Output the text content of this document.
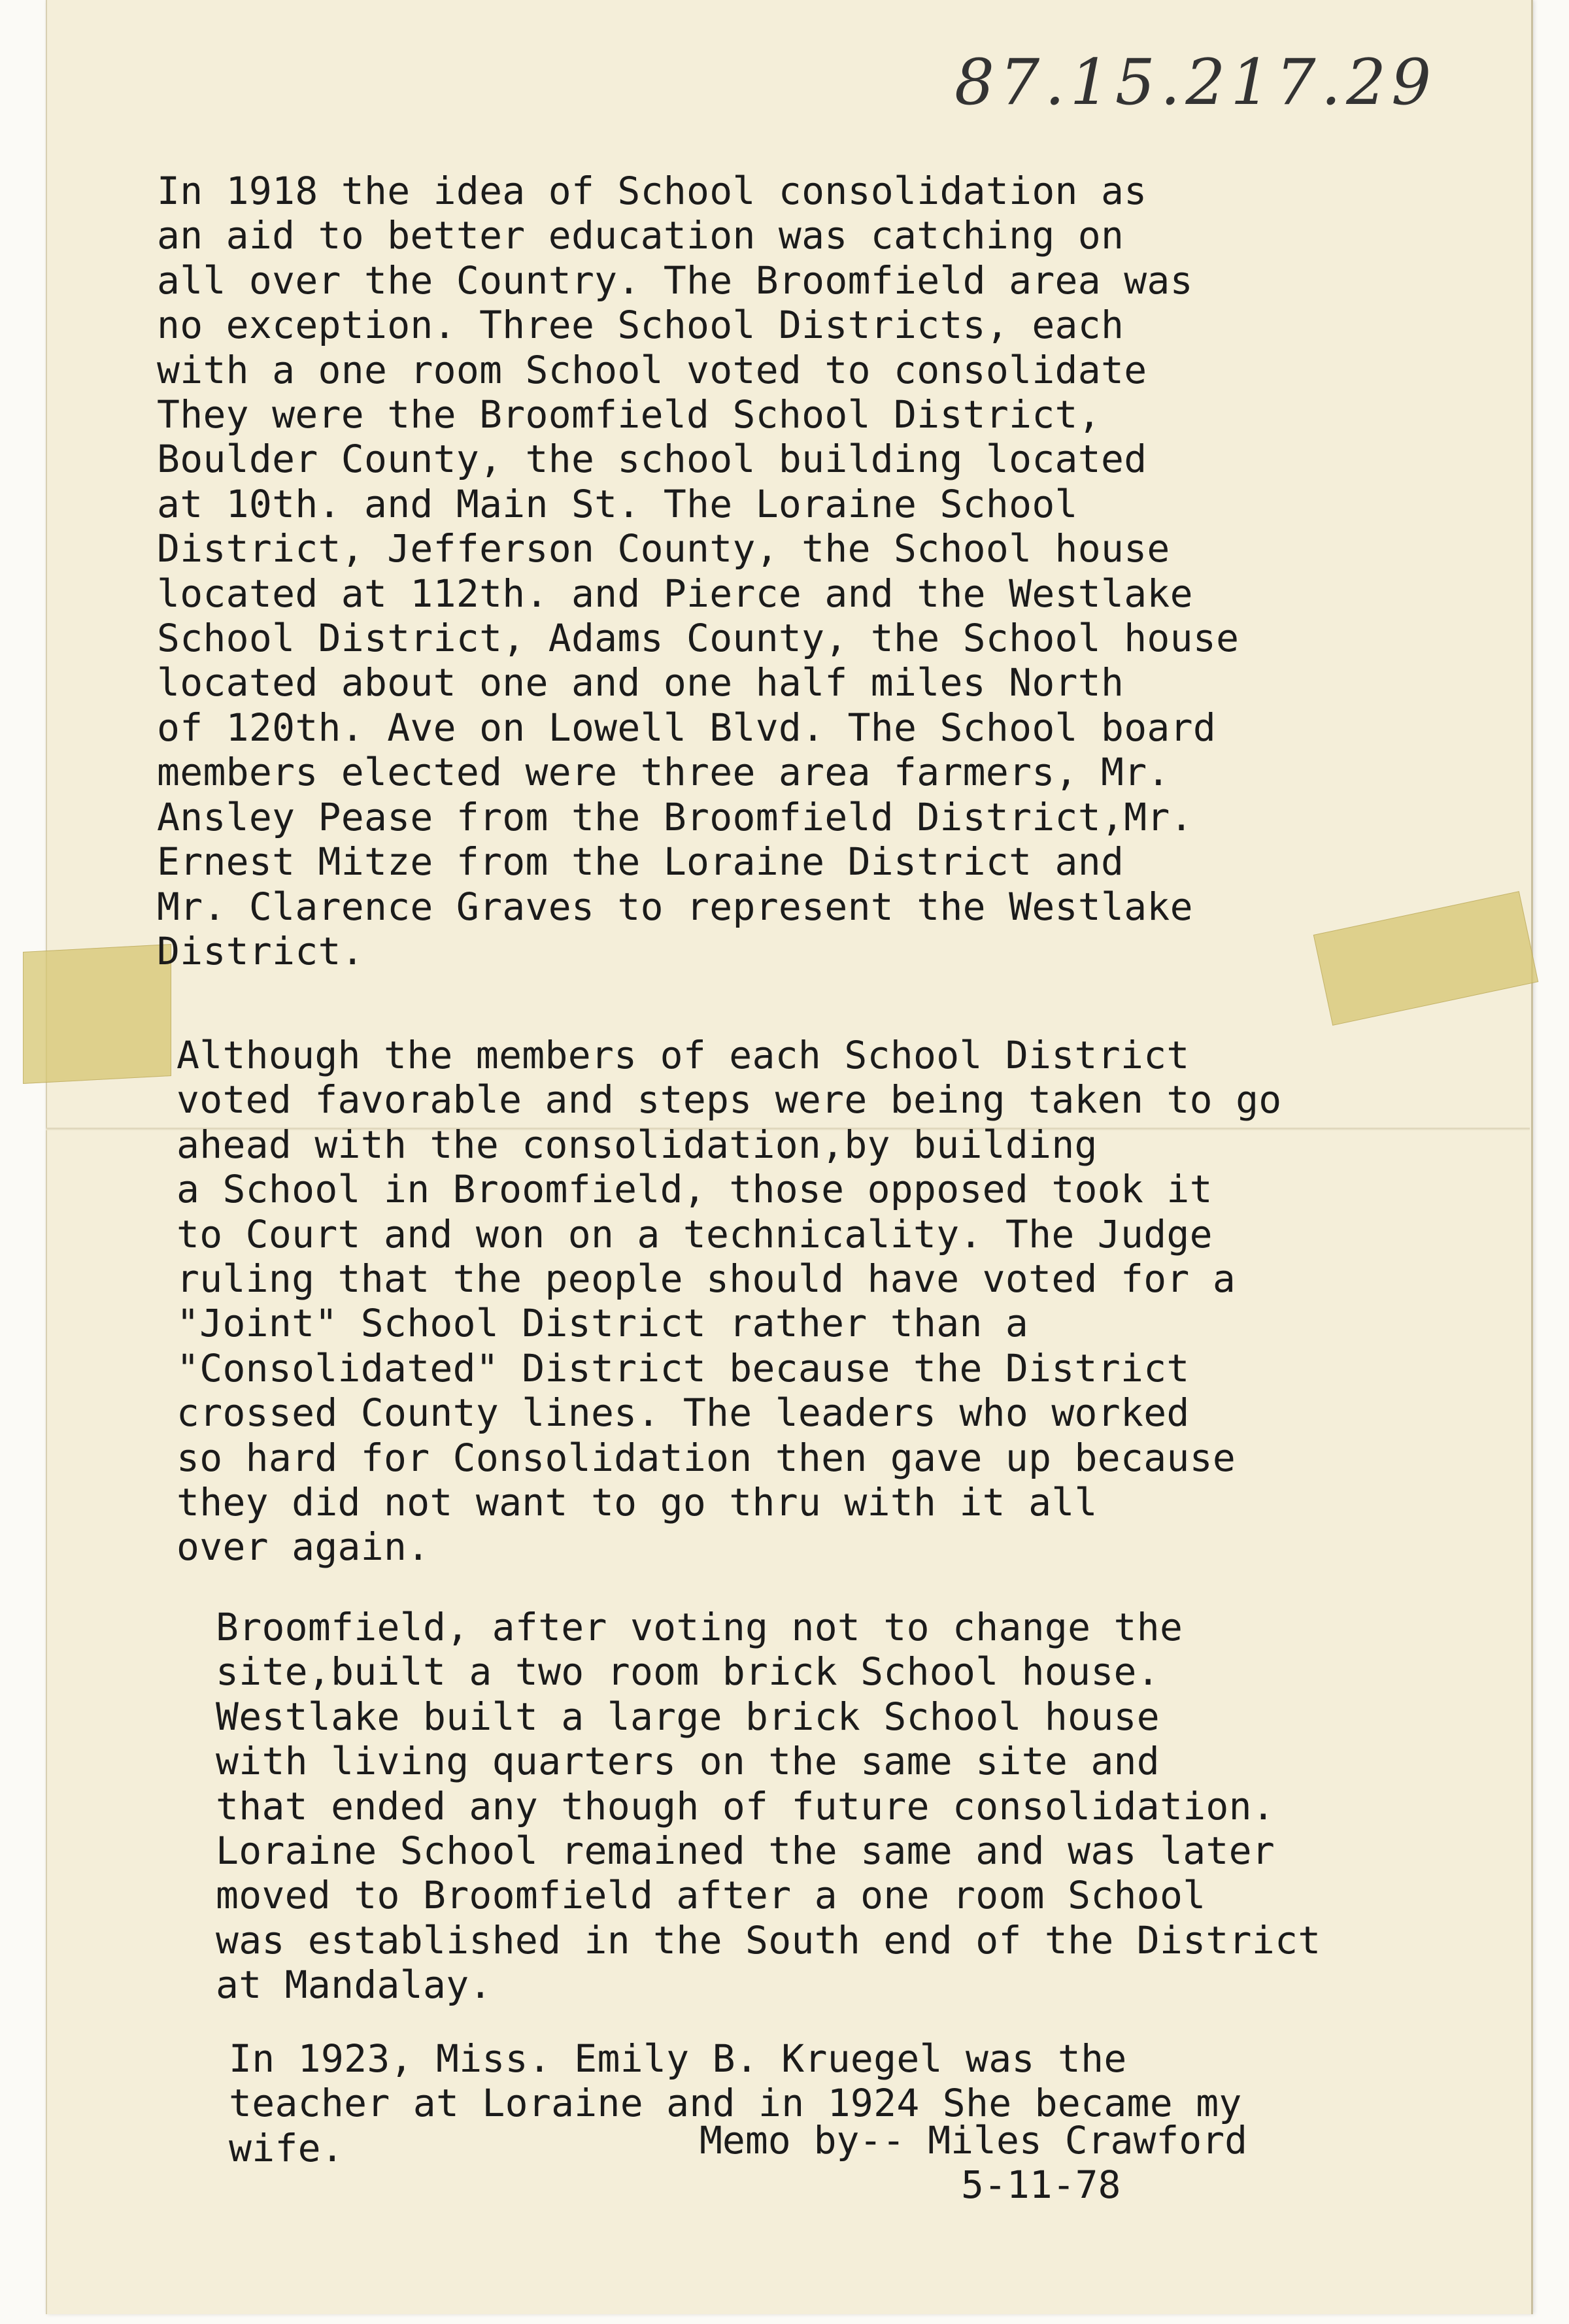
87.15.217.29

In 1918 the idea of School consolidation as
an aid to better education was catching on
all over the Country. The Broomfield area was
no exception. Three School Districts, each
with a one room School voted to consolidate
They were the Broomfield School District,
Boulder County, the school building located
at 10th. and Main St. The Loraine School
District, Jefferson County, the School house
located at 112th. and Pierce and the Westlake
School District, Adams County, the School house
located about one and one half miles North
of 120th. Ave on Lowell Blvd. The School board
members elected were three area farmers, Mr.
Ansley Pease from the Broomfield District,Mr.
Ernest Mitze from the Loraine District and
Mr. Clarence Graves to represent the Westlake
District.

Although the members of each School District
voted favorable and steps were being taken to go
ahead with the consolidation,by building
a School in Broomfield, those opposed took it
to Court and won on a technicality. The Judge
ruling that the people should have voted for a
"Joint" School District rather than a
"Consolidated" District because the District
crossed County lines. The leaders who worked
so hard for Consolidation then gave up because
they did not want to go thru with it all
over again.

Broomfield, after voting not to change the
site,built a two room brick School house.
Westlake built a large brick School house
with living quarters on the same site and
that ended any though of future consolidation.
Loraine School remained the same and was later
moved to Broomfield after a one room School
was established in the South end of the District
at Mandalay.

In 1923, Miss. Emily B. Kruegel was the
teacher at Loraine and in 1924 She became my
wife.	Memo by-- Miles Crawford

5-11-78
